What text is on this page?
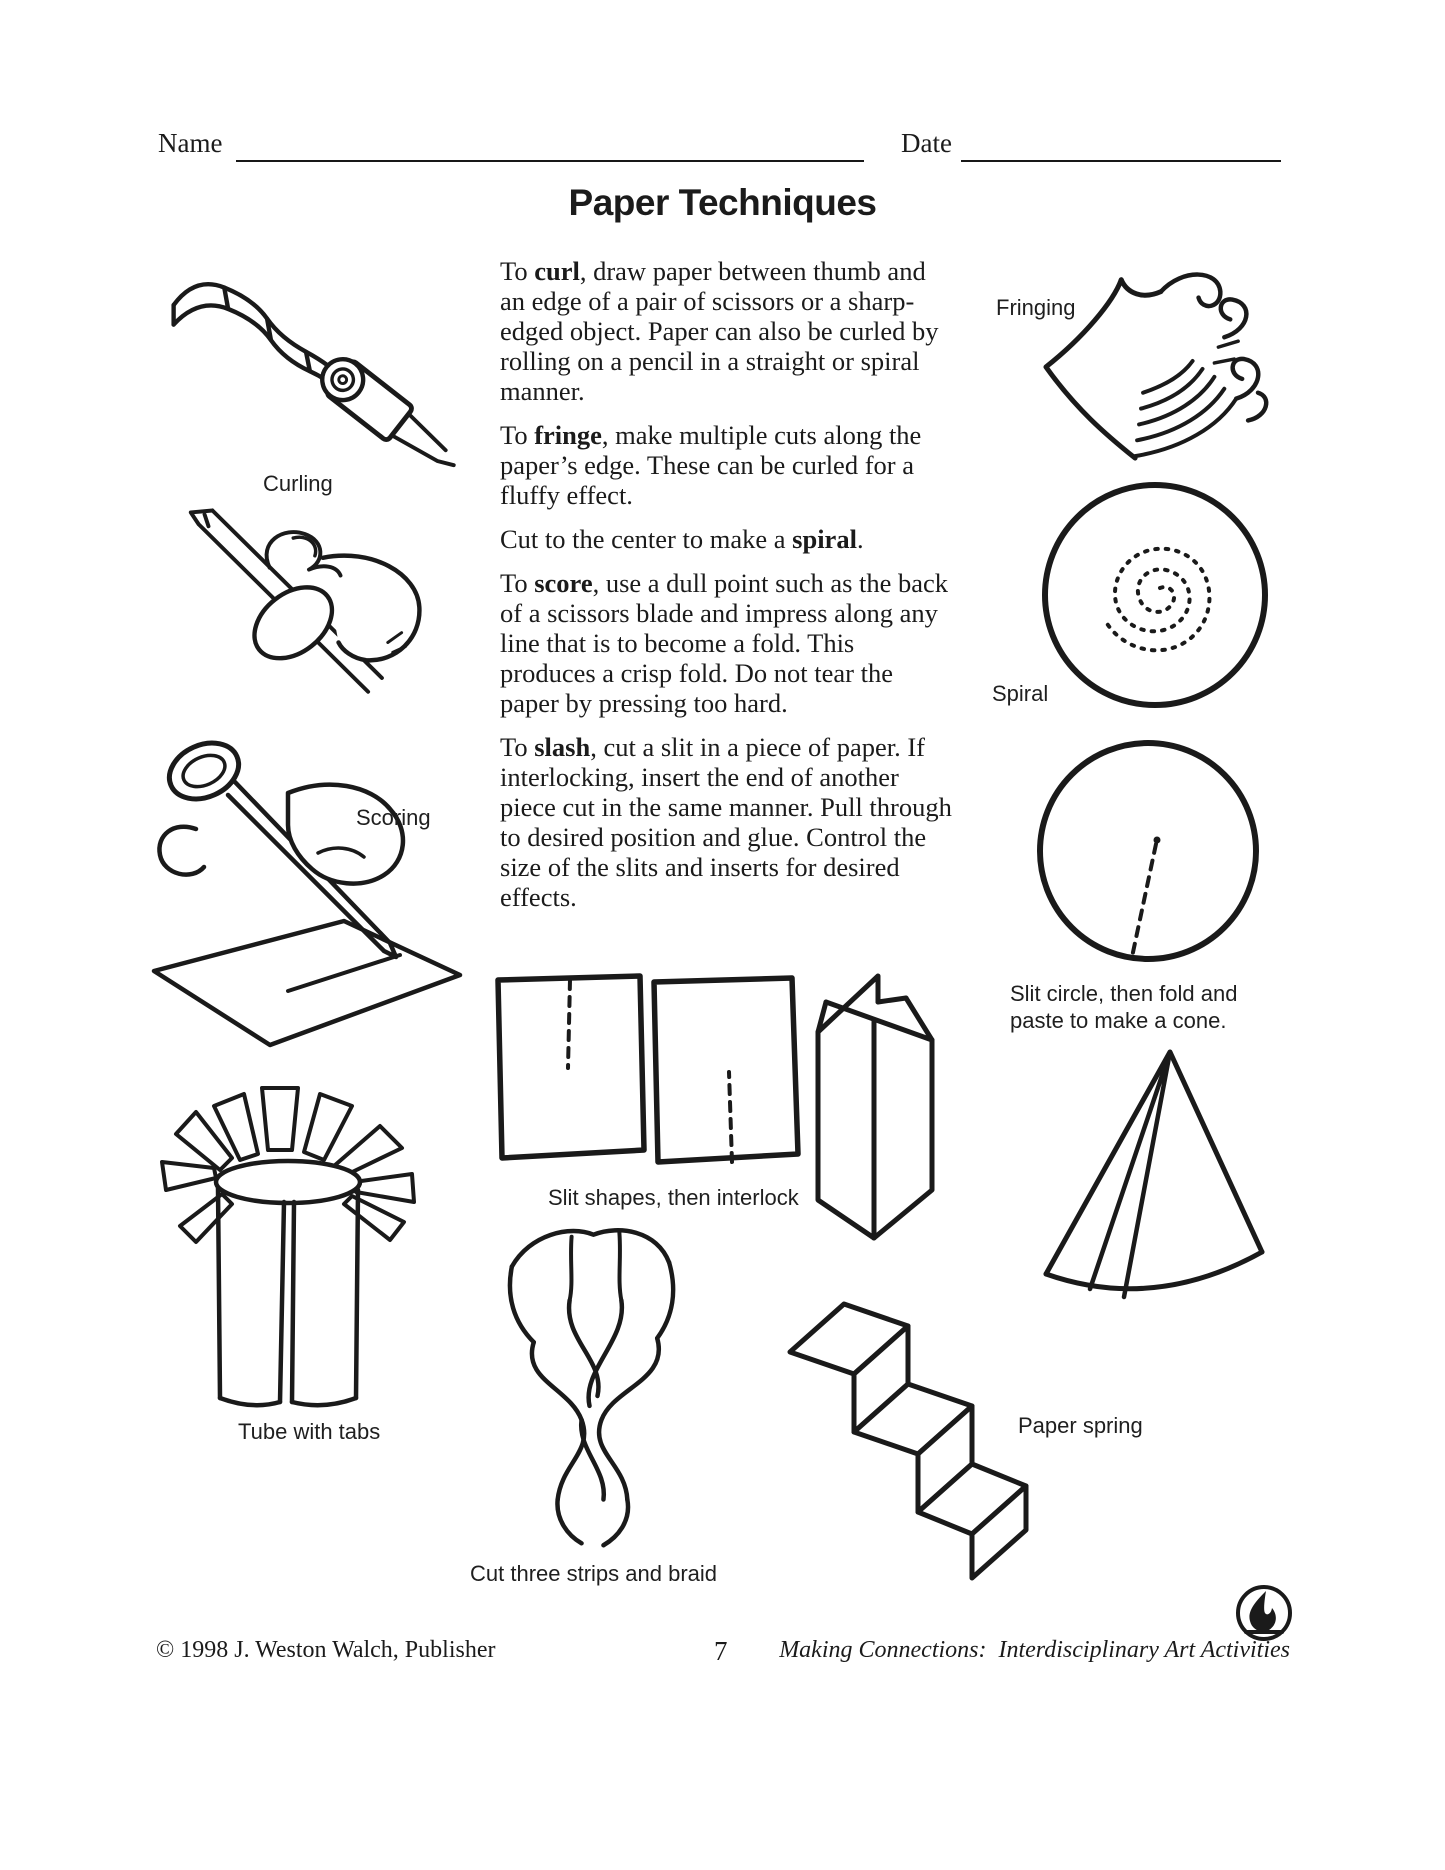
Name	Date
Paper Techniques

To curl, draw paper between thumb and an edge of a pair of scissors or a sharp-edged object. Paper can also be curled by rolling on a pencil in a straight or spiral manner.

To fringe, make multiple cuts along the paper’s edge. These can be curled for a fluffy effect.

Cut to the center to make a spiral.

To score, use a dull point such as the back of a scissors blade and impress along any line that is to become a fold. This produces a crisp fold. Do not tear the paper by pressing too hard.

To slash, cut a slit in a piece of paper. If interlocking, insert the end of another piece cut in the same manner. Pull through to desired position and glue. Control the size of the slits and inserts for desired effects.

Curling
Scoring
Tube with tabs
Slit shapes, then interlock
Cut three strips and braid
Paper spring
Fringing
Spiral
Slit circle, then fold and paste to make a cone.
© 1998 J. Weston Walch, Publisher	7	Making Connections:  Interdisciplinary Art Activities
